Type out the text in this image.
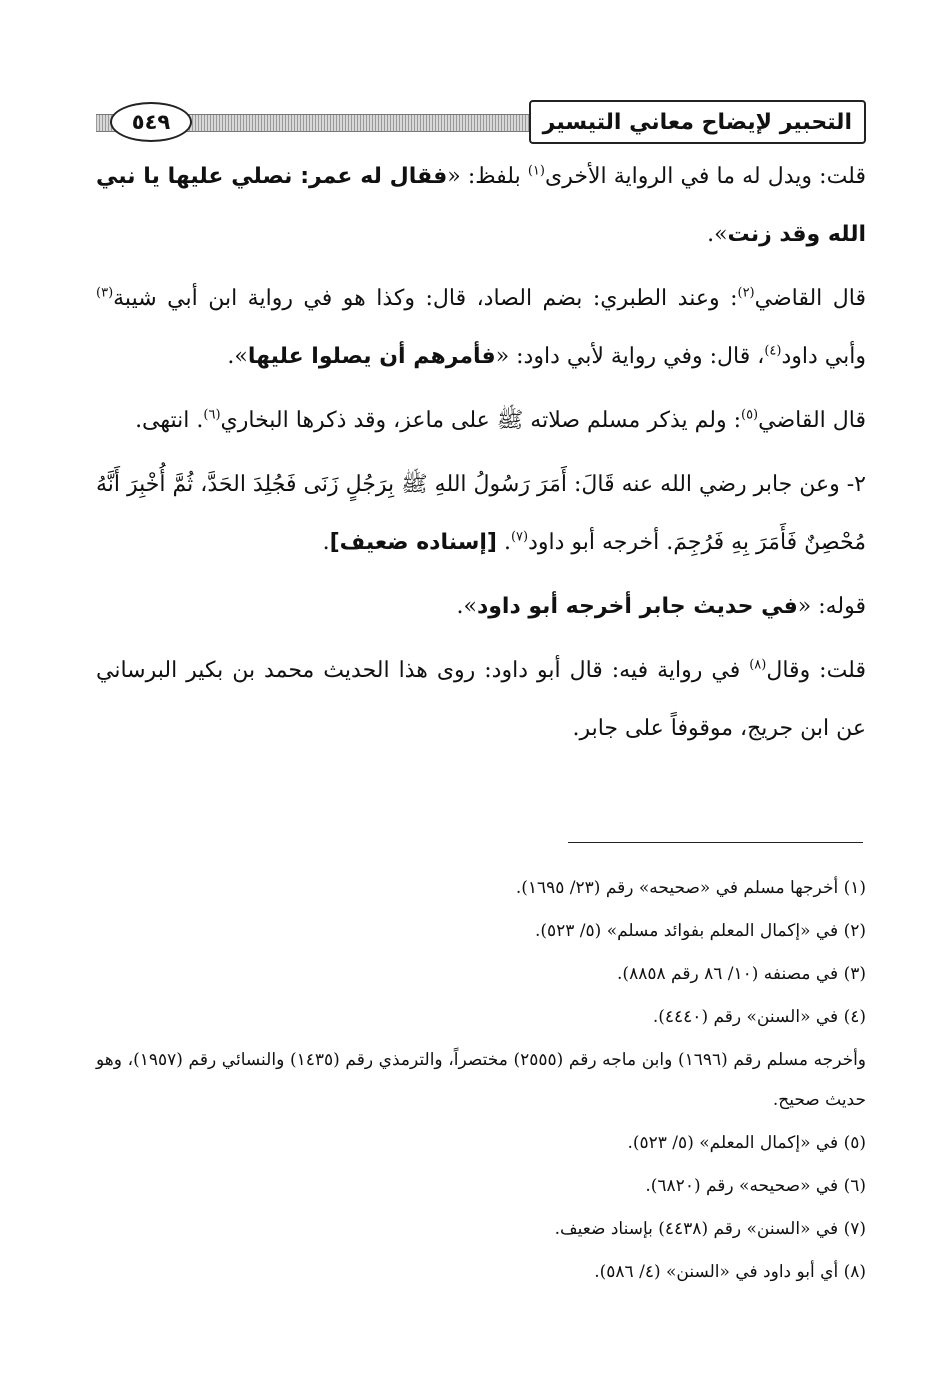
التحبير لإيضاح معاني التيسير
٥٤٩

قلت: ويدل له ما في الرواية الأخرى$^{(١)}$ بلفظ: «فقال له عمر: نصلي عليها يا نبي الله وقد زنت».

قال القاضي$^{(٢)}$: وعند الطبري: بضم الصاد، قال: وكذا هو في رواية ابن أبي شيبة$^{(٣)}$ وأبي داود$^{(٤)}$، قال: وفي رواية لأبي داود: «فأمرهم أن يصلوا عليها».

قال القاضي$^{(٥)}$: ولم يذكر مسلم صلاته ﷺ على ماعز، وقد ذكرها البخاري$^{(٦)}$. انتهى.

٢- وعن جابر رضي الله عنه قَالَ: أَمَرَ رَسُولُ اللهِ ﷺ بِرَجُلٍ زَنَى فَجُلِدَ الحَدَّ، ثُمَّ أُخْبِرَ أَنَّهُ مُحْصِنٌ فَأَمَرَ بِهِ فَرُجِمَ. أخرجه أبو داود$^{(٧)}$. [إسناده ضعيف].

قوله: «في حديث جابر أخرجه أبو داود».

قلت: وقال$^{(٨)}$ في رواية فيه: قال أبو داود: روى هذا الحديث محمد بن بكير البرساني عن ابن جريج، موقوفاً على جابر.

(١) أخرجها مسلم في «صحيحه» رقم (٢٣/ ١٦٩٥).

(٢) في «إكمال المعلم بفوائد مسلم» (٥/ ٥٢٣).

(٣) في مصنفه (١٠/ ٨٦ رقم ٨٨٥٨).

(٤) في «السنن» رقم (٤٤٤٠).

وأخرجه مسلم رقم (١٦٩٦) وابن ماجه رقم (٢٥٥٥) مختصراً، والترمذي رقم (١٤٣٥) والنسائي رقم (١٩٥٧)، وهو حديث صحيح.

(٥) في «إكمال المعلم» (٥/ ٥٢٣).

(٦) في «صحيحه» رقم (٦٨٢٠).

(٧) في «السنن» رقم (٤٤٣٨) بإسناد ضعيف.

(٨) أي أبو داود في «السنن» (٤/ ٥٨٦).
